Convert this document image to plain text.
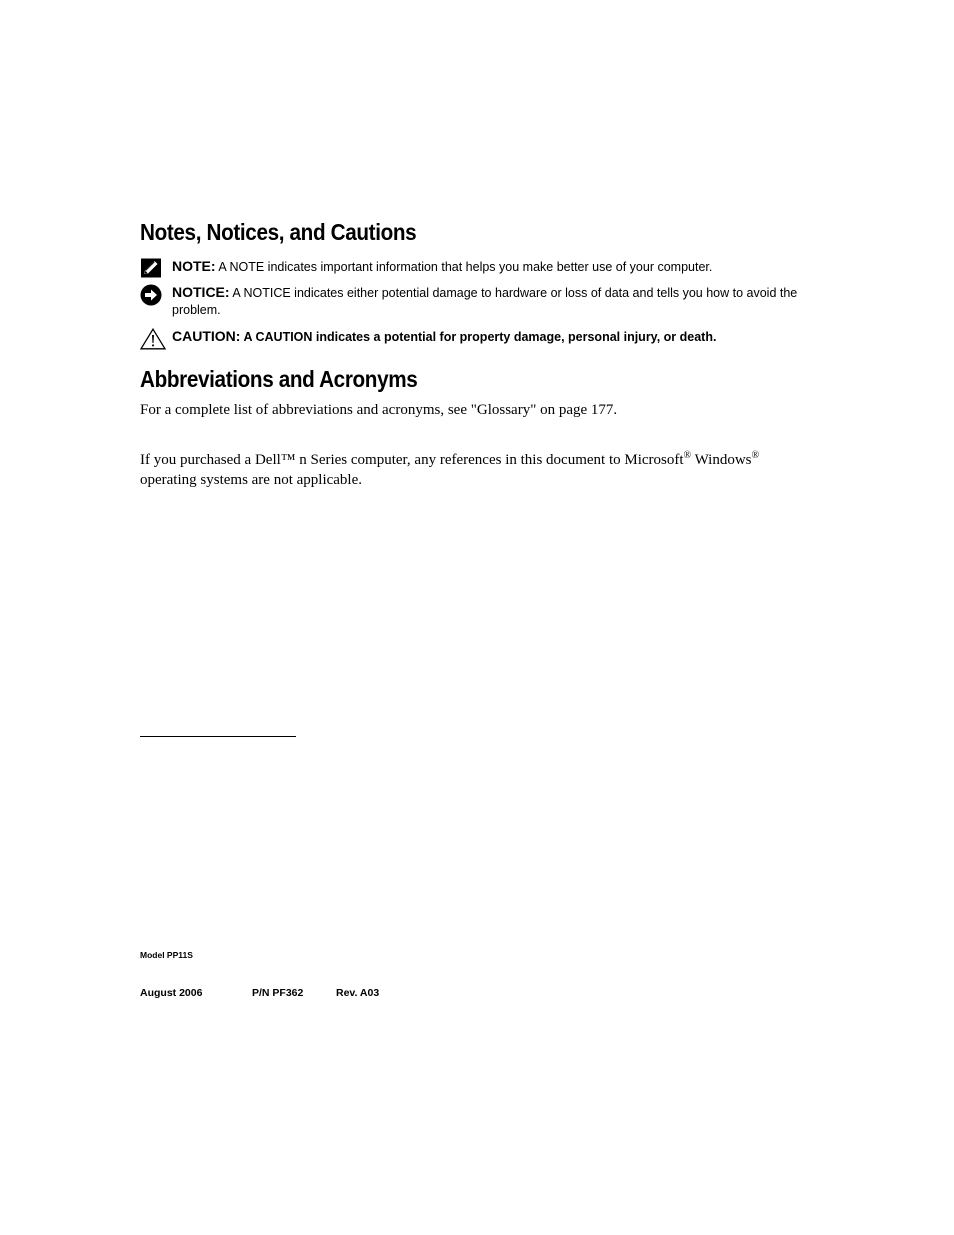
Notes, Notices, and Cautions
NOTE: A NOTE indicates important information that helps you make better use of your computer.
NOTICE: A NOTICE indicates either potential damage to hardware or loss of data and tells you how to avoid the problem.
CAUTION: A CAUTION indicates a potential for property damage, personal injury, or death.
Abbreviations and Acronyms

For a complete list of abbreviations and acronyms, see "Glossary" on page 177.

If you purchased a Dell™ n Series computer, any references in this document to Microsoft® Windows®
operating systems are not applicable.

Model PP11S
August 2006	P/N PF362	Rev. A03
